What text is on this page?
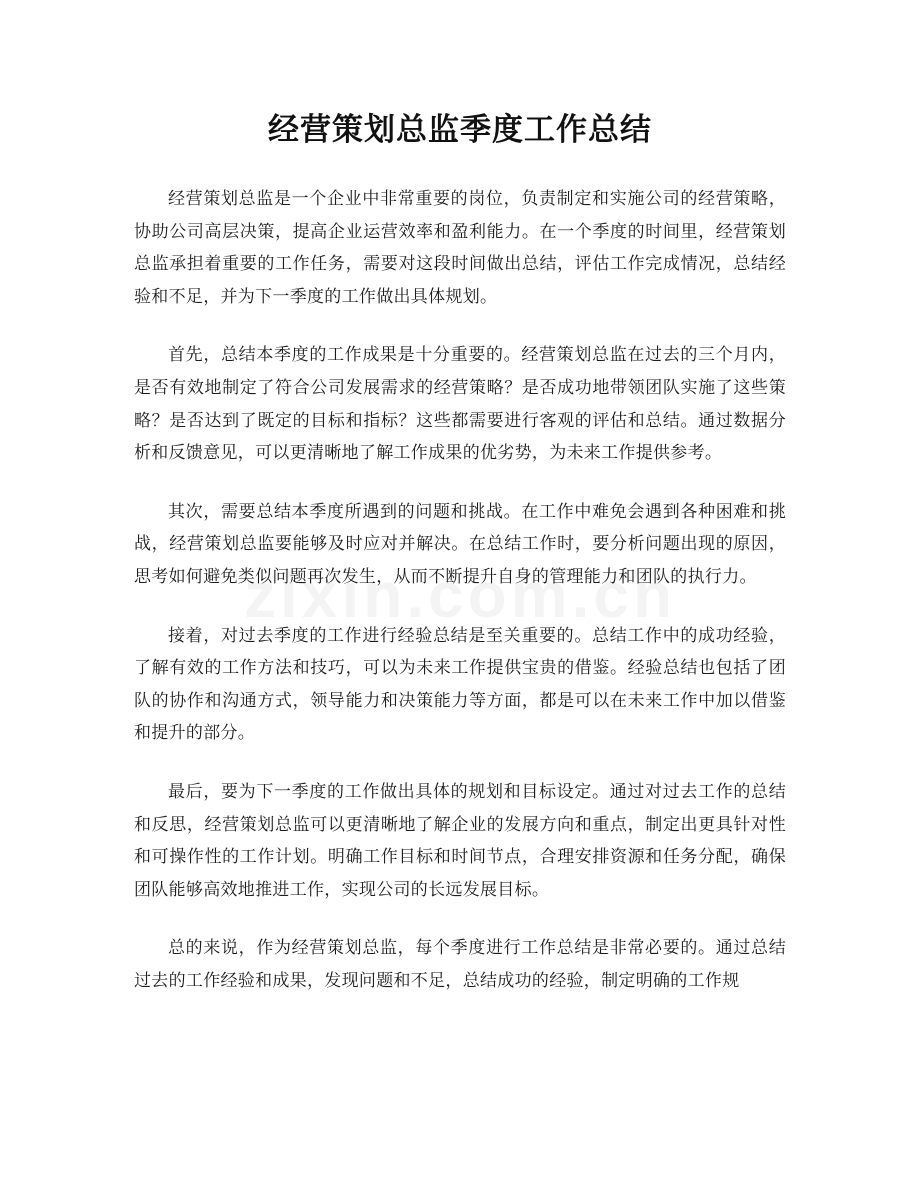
经营策划总监季度工作总结

经营策划总监是一个企业中非常重要的岗位，负责制定和实施公司的经营策略，协助公司高层决策，提高企业运营效率和盈利能力。在一个季度的时间里，经营策划总监承担着重要的工作任务，需要对这段时间做出总结，评估工作完成情况，总结经验和不足，并为下一季度的工作做出具体规划。

首先，总结本季度的工作成果是十分重要的。经营策划总监在过去的三个月内，是否有效地制定了符合公司发展需求的经营策略？是否成功地带领团队实施了这些策略？是否达到了既定的目标和指标？这些都需要进行客观的评估和总结。通过数据分析和反馈意见，可以更清晰地了解工作成果的优劣势，为未来工作提供参考。

其次，需要总结本季度所遇到的问题和挑战。在工作中难免会遇到各种困难和挑战，经营策划总监要能够及时应对并解决。在总结工作时，要分析问题出现的原因，思考如何避免类似问题再次发生，从而不断提升自身的管理能力和团队的执行力。

接着，对过去季度的工作进行经验总结是至关重要的。总结工作中的成功经验，了解有效的工作方法和技巧，可以为未来工作提供宝贵的借鉴。经验总结也包括了团队的协作和沟通方式，领导能力和决策能力等方面，都是可以在未来工作中加以借鉴和提升的部分。

最后，要为下一季度的工作做出具体的规划和目标设定。通过对过去工作的总结和反思，经营策划总监可以更清晰地了解企业的发展方向和重点，制定出更具针对性和可操作性的工作计划。明确工作目标和时间节点，合理安排资源和任务分配，确保团队能够高效地推进工作，实现公司的长远发展目标。

总的来说，作为经营策划总监，每个季度进行工作总结是非常必要的。通过总结过去的工作经验和成果，发现问题和不足，总结成功的经验，制定明确的工作规
